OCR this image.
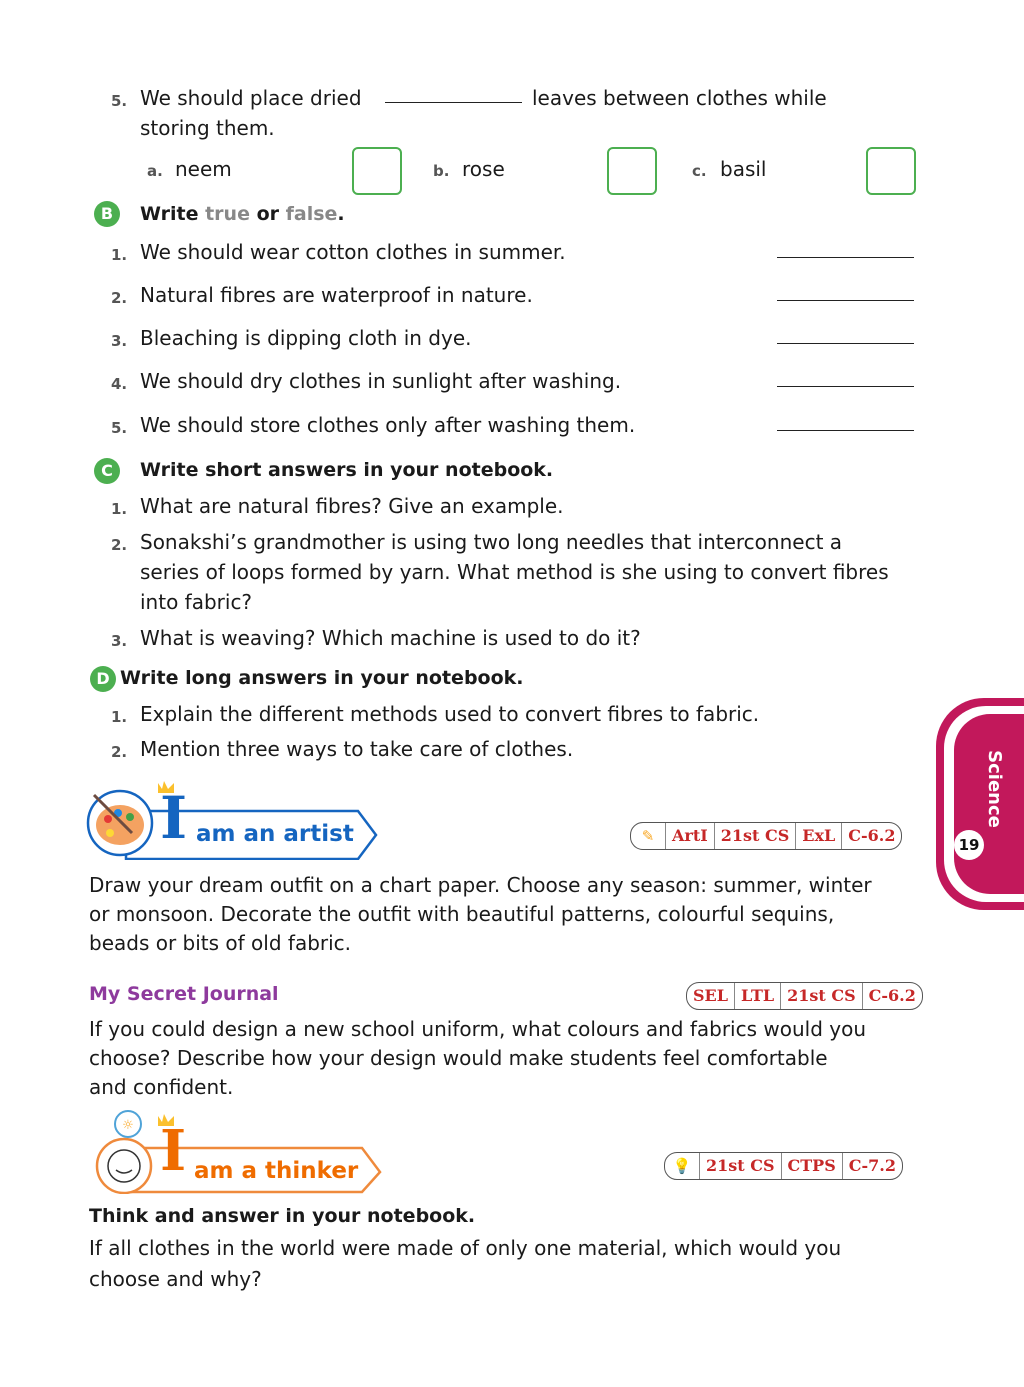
5. We should place dried	leaves between clothes while
storing them.
a. neem	b. rose	c. basil
B	Write true or false.
1. We should wear cotton clothes in summer.
2. Natural fibres are waterproof in nature.
3. Bleaching is dipping cloth in dye.
4. We should dry clothes in sunlight after washing.
5. We should store clothes only after washing them.
C	Write short answers in your notebook.
1. What are natural fibres? Give an example.
2. Sonakshi’s grandmother is using two long needles that interconnect a
series of loops formed by yarn. What method is she using to convert fibres
into fabric?
3. What is weaving? Which machine is used to do it?
D Write long answers in your notebook.
1. Explain the different methods used to convert fibres to fabric.
2. Mention three ways to take care of clothes.
I am an artist	✎	ArtI 21st CS ExL C-6.2
Draw your dream outfit on a chart paper. Choose any season: summer, winter
or monsoon. Decorate the outfit with beautiful patterns, colourful sequins,
beads or bits of old fabric.
My Secret Journal	SEL LTL 21st CS C-6.2
If you could design a new school uniform, what colours and fabrics would you
choose? Describe how your design would make students feel comfortable
and confident.
☼ I am a thinker	💡 21st CS CTPS C-7.2
Think and answer in your notebook.
If all clothes in the world were made of only one material, which would you
choose and why?
Science
19
